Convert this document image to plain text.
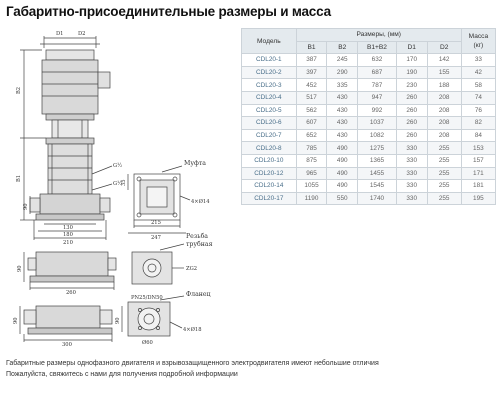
Габаритно-присоединительные размеры и масса
D1	D2
B2
B1
G½
G½
90
130
180
210
35
4×Ø14
215
247
90
260
ZG2
90
300
PN25/DN50
4×Ø18
90
Ø60
Муфта
Резьба
трубная
Фланец
Модель	Размеры, (мм)					Масса
(кг)

	B1	B2	B1+B2	D1	D2	
CDL20-1	387	245	632	170	142	33
CDL20-2	397	290	687	190	155	42
CDL20-3	452	335	787	230	188	58
CDL20-4	517	430	947	260	208	74
CDL20-5	562	430	992	260	208	76
CDL20-6	607	430	1037	260	208	82
CDL20-7	652	430	1082	260	208	84
CDL20-8	785	490	1275	330	255	153
CDL20-10	875	490	1365	330	255	157
CDL20-12	965	490	1455	330	255	171
CDL20-14	1055	490	1545	330	255	181
CDL20-17	1190	550	1740	330	255	195
Габаритные размеры однофазного двигателя и взрывозащищенного электродвигателя имеют небольшие отличия
Пожалуйста, свяжитесь с нами для получения подробной информации
